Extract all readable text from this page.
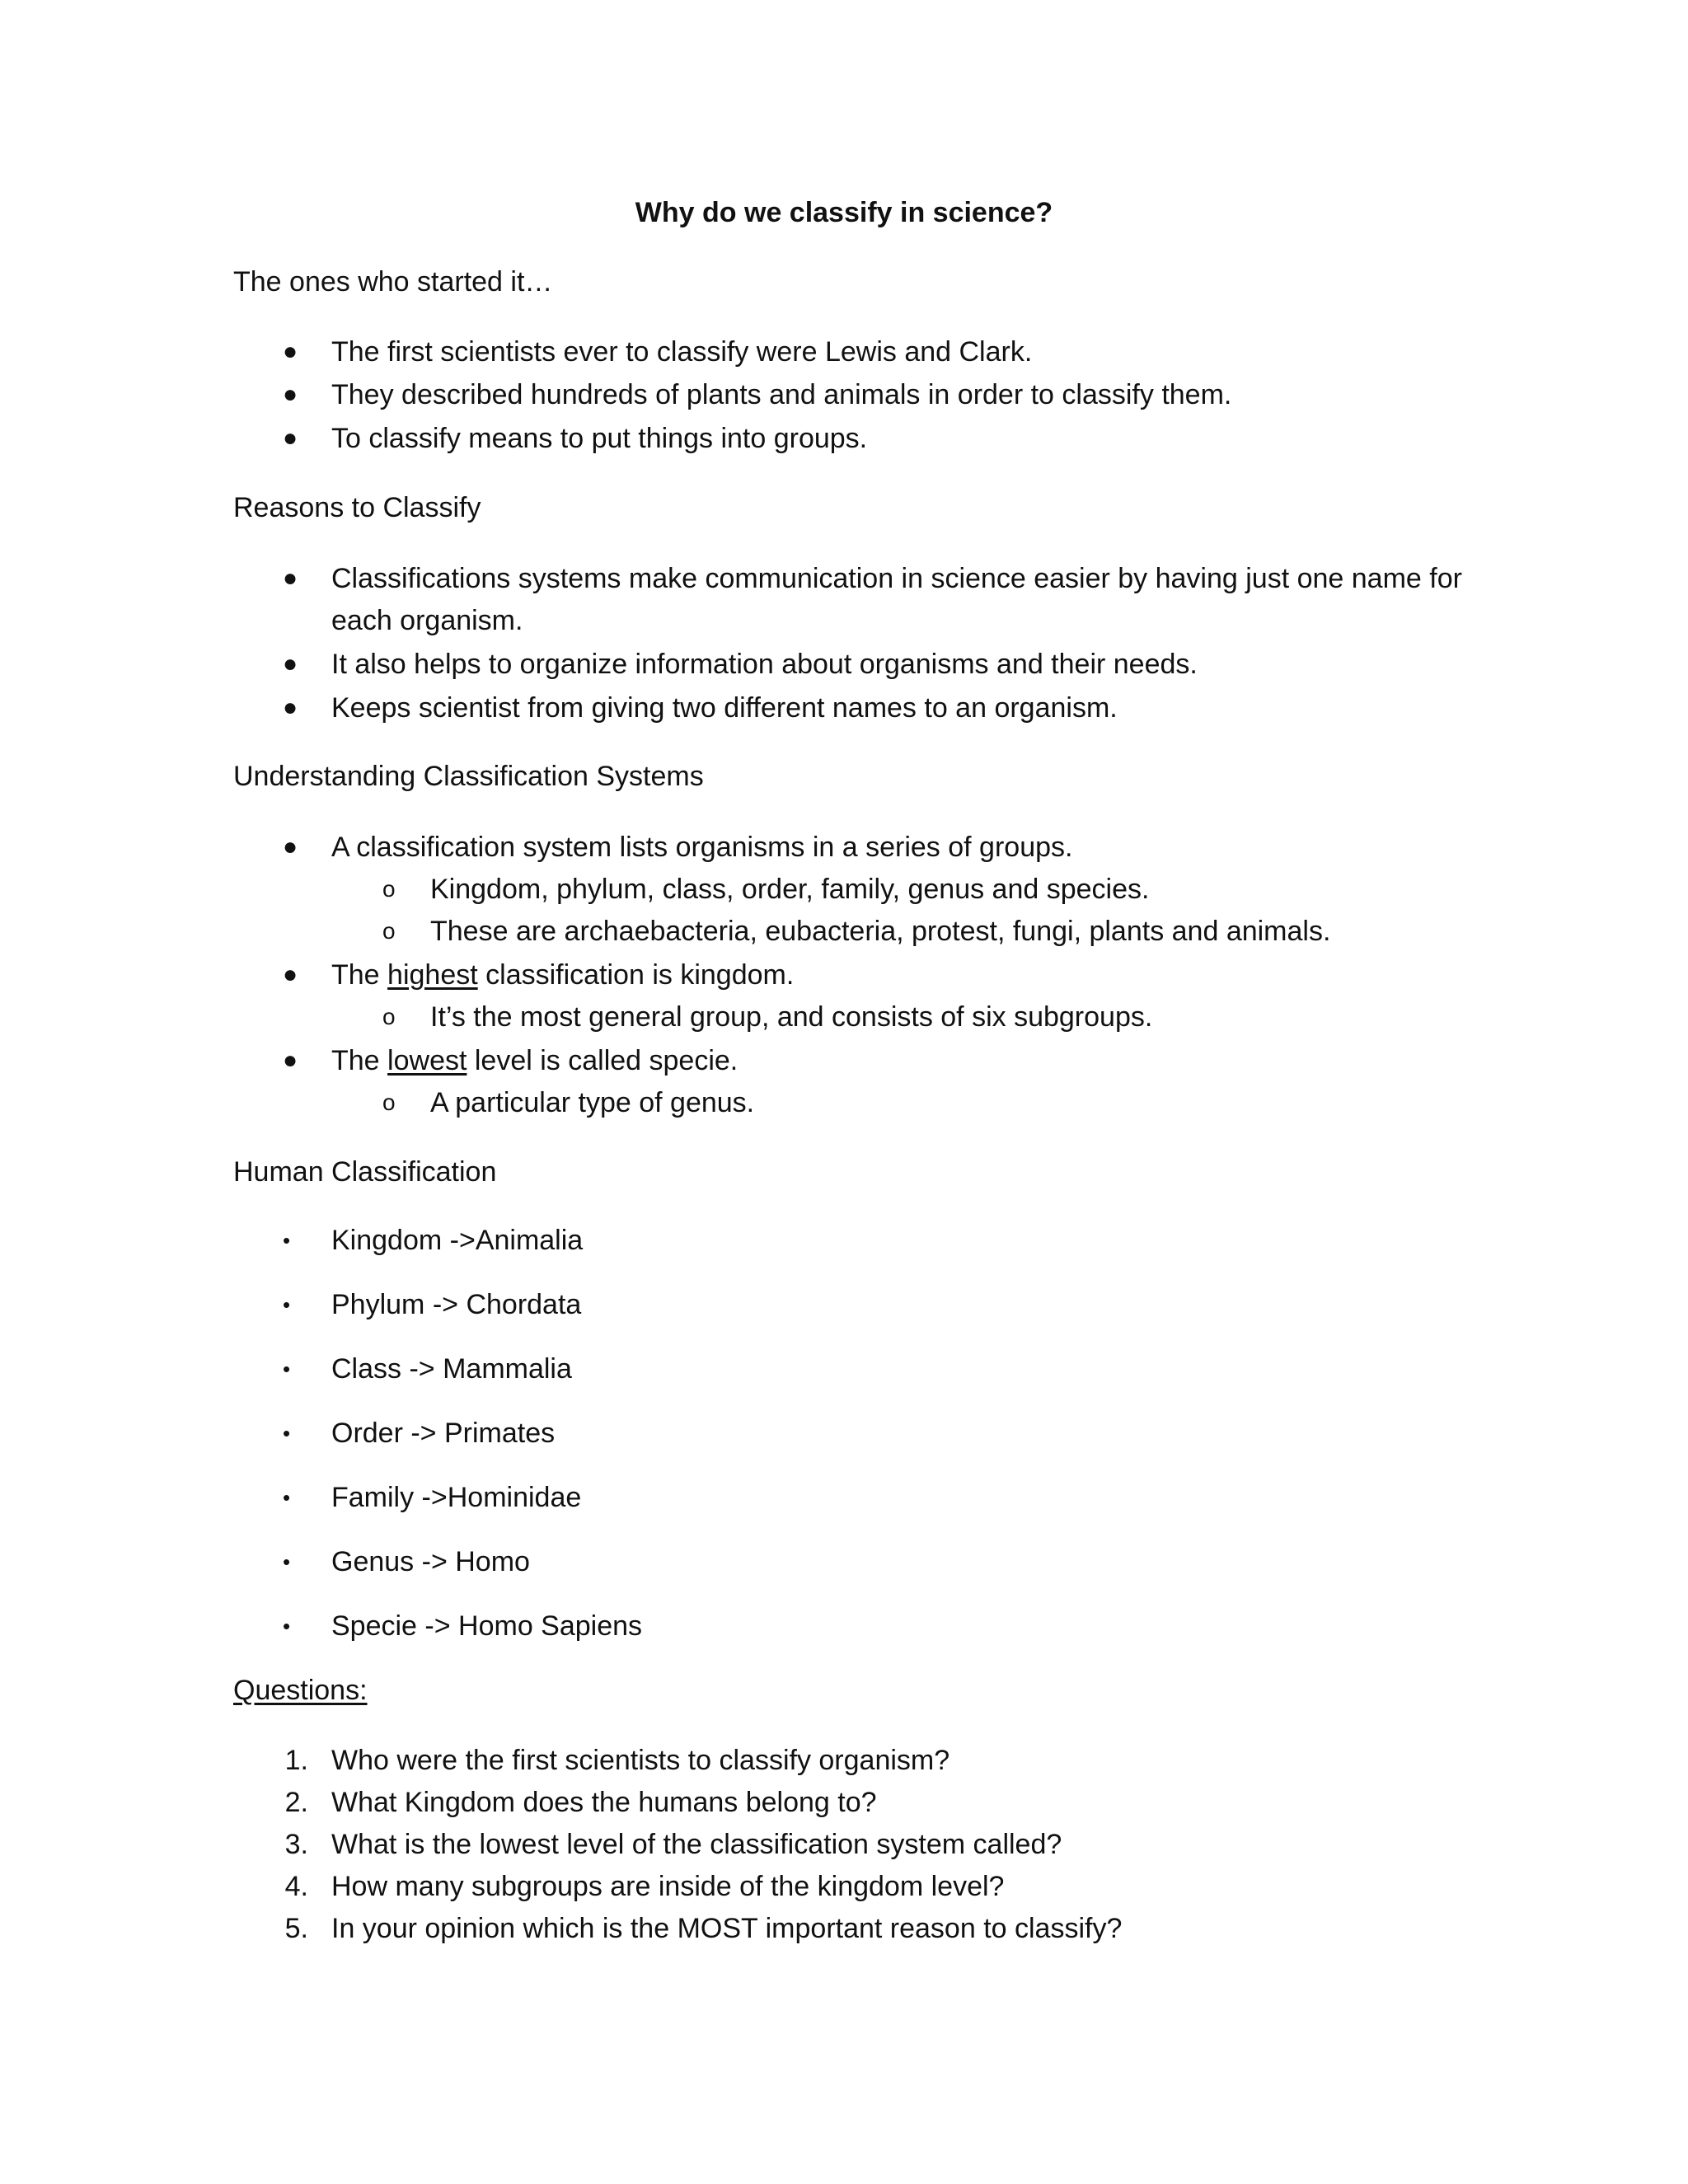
Why do we classify in science?
The ones who started it…
● The first scientists ever to classify were Lewis and Clark.
● They described hundreds of plants and animals in order to classify them.
● To classify means to put things into groups.
Reasons to Classify
● Classifications systems make communication in science easier by having just one name for
each organism.
● It also helps to organize information about organisms and their needs.
● Keeps scientist from giving two different names to an organism.
Understanding Classification Systems
● A classification system lists organisms in a series of groups.
o Kingdom, phylum, class, order, family, genus and species.
o These are archaebacteria, eubacteria, protest, fungi, plants and animals.
● The highest classification is kingdom.
o It’s the most general group, and consists of six subgroups.
● The lowest level is called specie.
o A particular type of genus.
Human Classification
• Kingdom ->Animalia
• Phylum -> Chordata
• Class -> Mammalia
• Order -> Primates
• Family ->Hominidae
• Genus -> Homo
• Specie -> Homo Sapiens
Questions:
1. Who were the first scientists to classify organism?
2. What Kingdom does the humans belong to?
3. What is the lowest level of the classification system called?
4. How many subgroups are inside of the kingdom level?
5. In your opinion which is the MOST important reason to classify?
